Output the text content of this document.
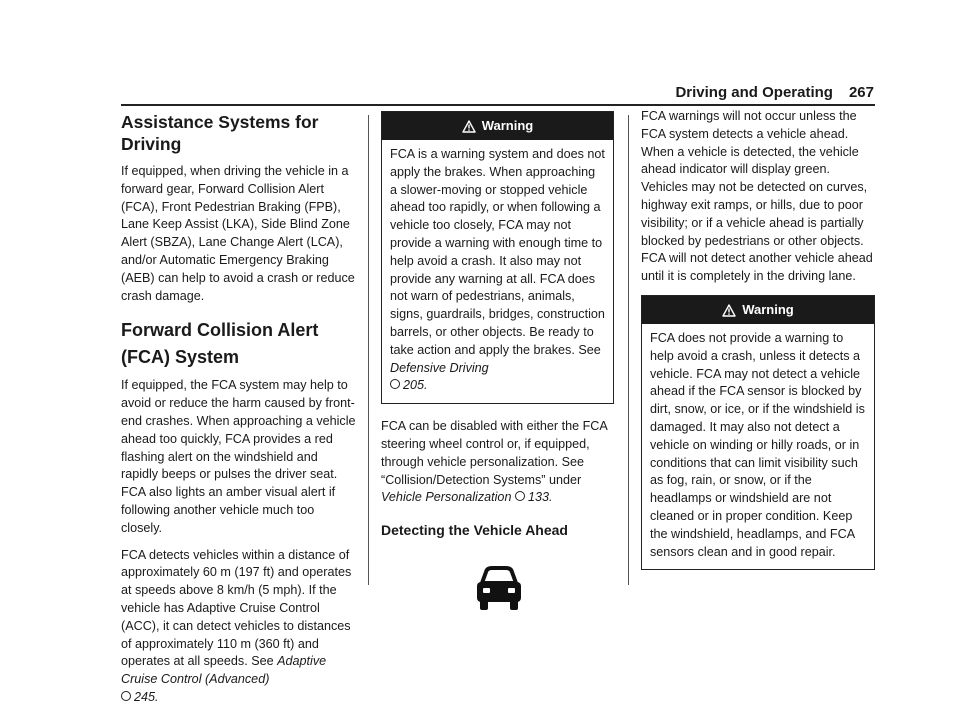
Driving and Operating 267
Assistance Systems for Driving

If equipped, when driving the vehicle in a forward gear, Forward Collision Alert (FCA), Front Pedestrian Braking (FPB), Lane Keep Assist (LKA), Side Blind Zone Alert (SBZA), Lane Change Alert (LCA), and/or Automatic Emergency Braking (AEB) can help to avoid a crash or reduce crash damage.

Forward Collision Alert (FCA) System

If equipped, the FCA system may help to avoid or reduce the harm caused by front-end crashes. When approaching a vehicle ahead too quickly, FCA provides a red flashing alert on the windshield and rapidly beeps or pulses the driver seat. FCA also lights an amber visual alert if following another vehicle much too closely.

FCA detects vehicles within a distance of approximately 60 m (197 ft) and operates at speeds above 8 km/h (5 mph). If the vehicle has Adaptive Cruise Control (ACC), it can detect vehicles to distances of approximately 110 m (360 ft) and operates at all speeds. See Adaptive Cruise Control (Advanced)
245.

Warning
FCA is a warning system and does not apply the brakes. When approaching a slower-moving or stopped vehicle ahead too rapidly, or when following a vehicle too closely, FCA may not provide a warning with enough time to help avoid a crash. It also may not provide any warning at all. FCA does not warn of pedestrians, animals, signs, guardrails, bridges, construction barrels, or other objects. Be ready to take action and apply the brakes. See Defensive Driving
205.

FCA can be disabled with either the FCA steering wheel control or, if equipped, through vehicle personalization. See “Collision/Detection Systems” under Vehicle Personalization 133.

Detecting the Vehicle Ahead

FCA warnings will not occur unless the FCA system detects a vehicle ahead. When a vehicle is detected, the vehicle ahead indicator will display green. Vehicles may not be detected on curves, highway exit ramps, or hills, due to poor visibility; or if a vehicle ahead is partially blocked by pedestrians or other objects. FCA will not detect another vehicle ahead until it is completely in the driving lane.

Warning
FCA does not provide a warning to help avoid a crash, unless it detects a vehicle. FCA may not detect a vehicle ahead if the FCA sensor is blocked by dirt, snow, or ice, or if the windshield is damaged. It may also not detect a vehicle on winding or hilly roads, or in conditions that can limit visibility such as fog, rain, or snow, or if the headlamps or windshield are not cleaned or in proper condition. Keep the windshield, headlamps, and FCA sensors clean and in good repair.
